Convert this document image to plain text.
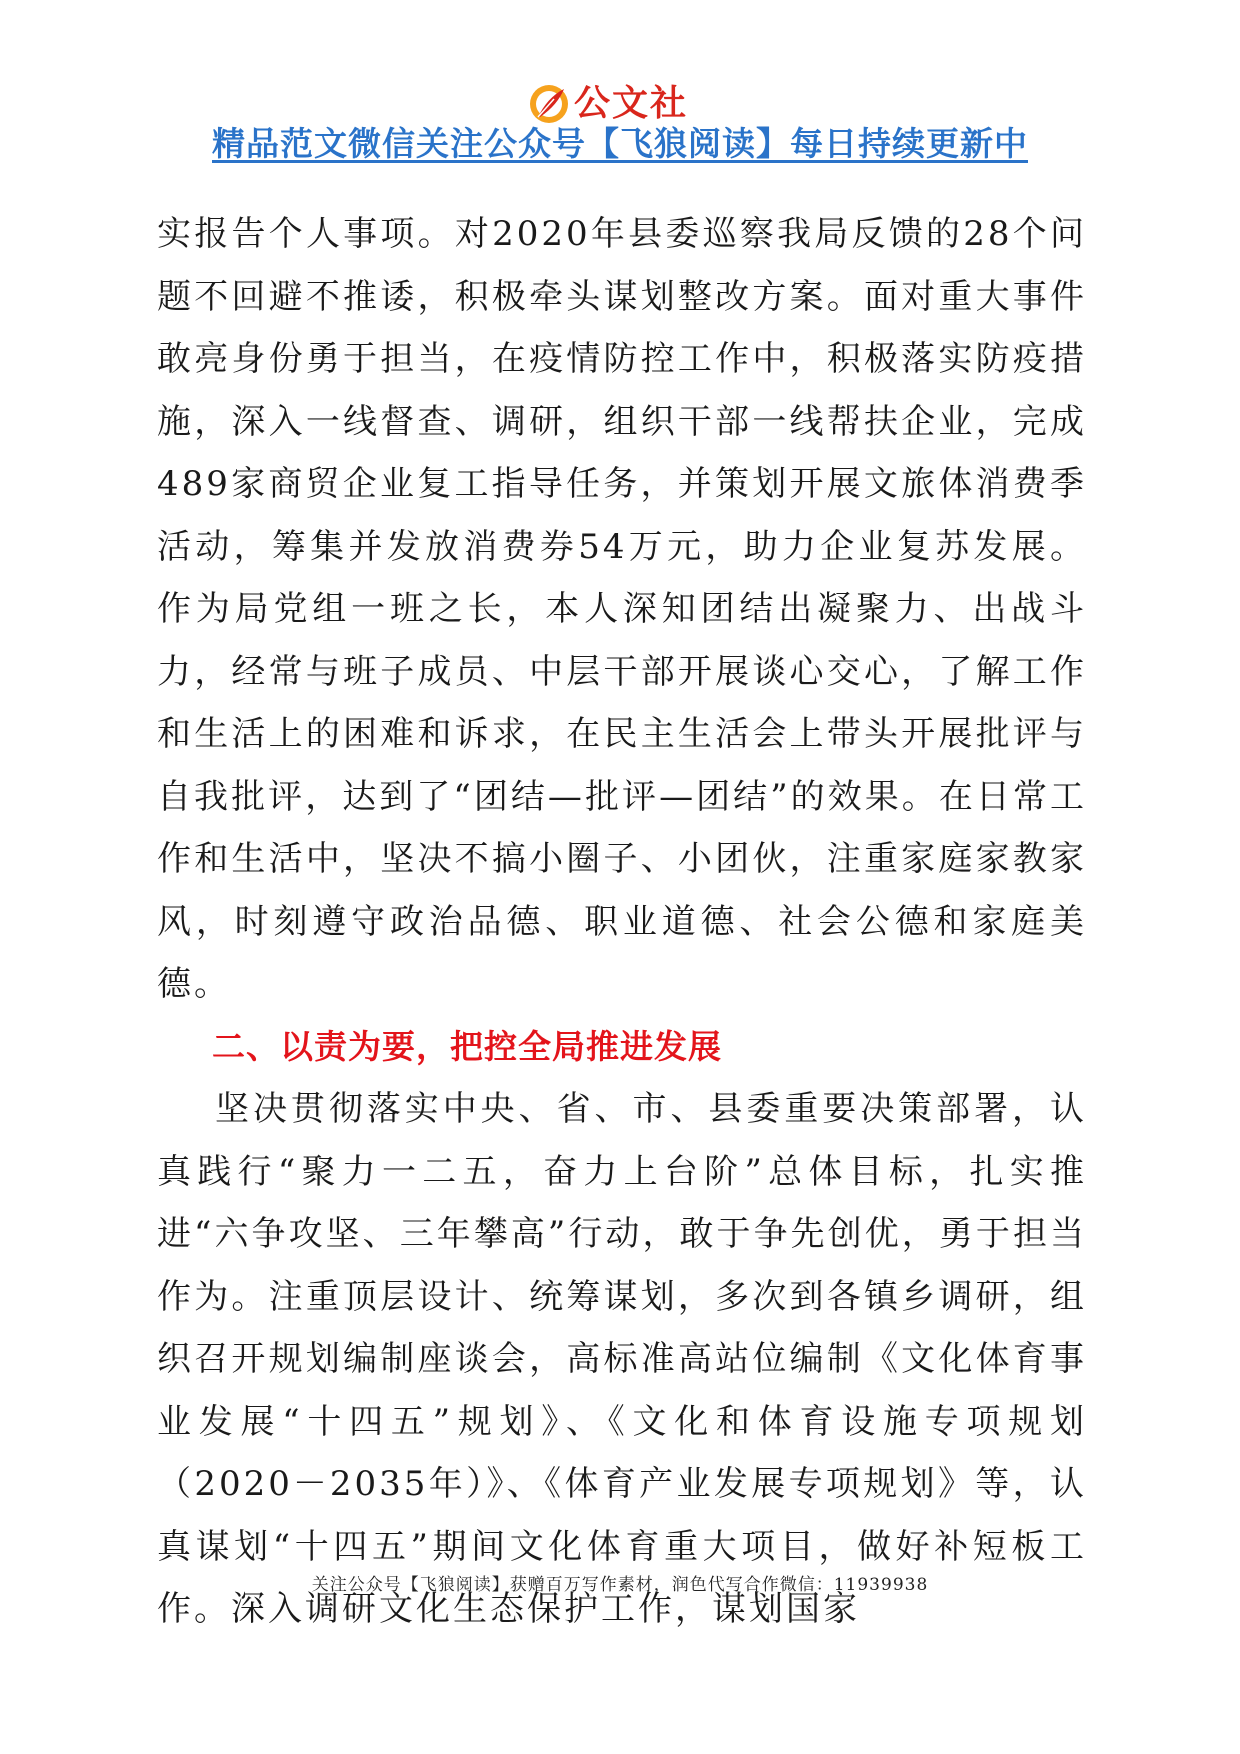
公文社
精品范文微信关注公众号【飞狼阅读】每日持续更新中

实报告个人事项。对2020年县委巡察我局反馈的28个问题不回避不推诿，积极牵头谋划整改方案。面对重大事件敢亮身份勇于担当，在疫情防控工作中，积极落实防疫措施，深入一线督查、调研，组织干部一线帮扶企业，完成489家商贸企业复工指导任务，并策划开展文旅体消费季活动，筹集并发放消费券54万元，助力企业复苏发展。作为局党组一班之长，本人深知团结出凝聚力、出战斗力，经常与班子成员、中层干部开展谈心交心，了解工作和生活上的困难和诉求，在民主生活会上带头开展批评与自我批评，达到了“团结—批评—团结”的效果。在日常工作和生活中，坚决不搞小圈子、小团伙，注重家庭家教家风，时刻遵守政治品德、职业道德、社会公德和家庭美德。

二、以责为要，把控全局推进发展

坚决贯彻落实中央、省、市、县委重要决策部署，认真践行“聚力一二五，奋力上台阶”总体目标，扎实推进“六争攻坚、三年攀高”行动，敢于争先创优，勇于担当作为。注重顶层设计、统筹谋划，多次到各镇乡调研，组织召开规划编制座谈会，高标准高站位编制《文化体育事业发展“十四五”规划》、《文化和体育设施专项规划（2020－2035年）》、《体育产业发展专项规划》等，认真谋划“十四五”期间文化体育重大项目，做好补短板工作。深入调研文化生态保护工作，谋划国家

关注公众号【飞狼阅读】获赠百万写作素材，润色代写合作微信：11939938
